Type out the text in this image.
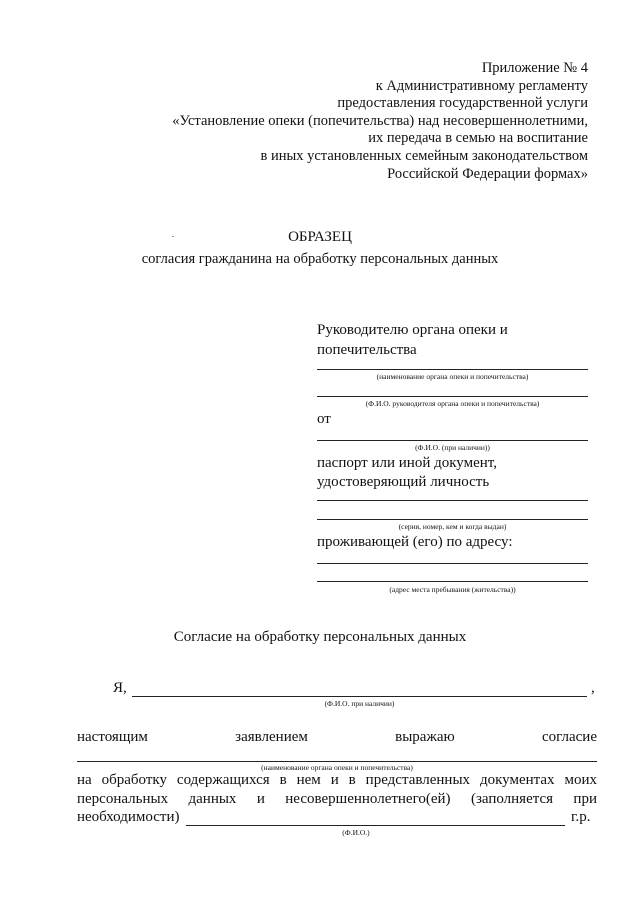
Приложение № 4
к Административному регламенту
предоставления государственной услуги
«Установление опеки (попечительства) над несовершеннолетними,
их передача в семью на воспитание
в иных установленных семейным законодательством
Российской Федерации формах»
ОБРАЗЕЦ
согласия гражданина на обработку персональных данных
Руководителю органа опеки и
попечительства
(наименование органа опеки и попечительства)
(Ф.И.О. руководителя органа опеки и попечительства)
от
(Ф.И.О. (при наличии))
паспорт или иной документ,
удостоверяющий личность
(серия, номер, кем и когда выдан)
проживающей (его) по адресу:
(адрес места пребывания (жительства))
Согласие на обработку персональных данных
Я,	,
(Ф.И.О. при наличии)
настоящим	заявлением	выражаю	согласие
(наименование органа опеки и попечительства)
на обработку содержащихся в нем и в представленных документах моих
персональных данных и несовершеннолетнего(ей) (заполняется при
необходимости)	г.р.
(Ф.И.О.)
